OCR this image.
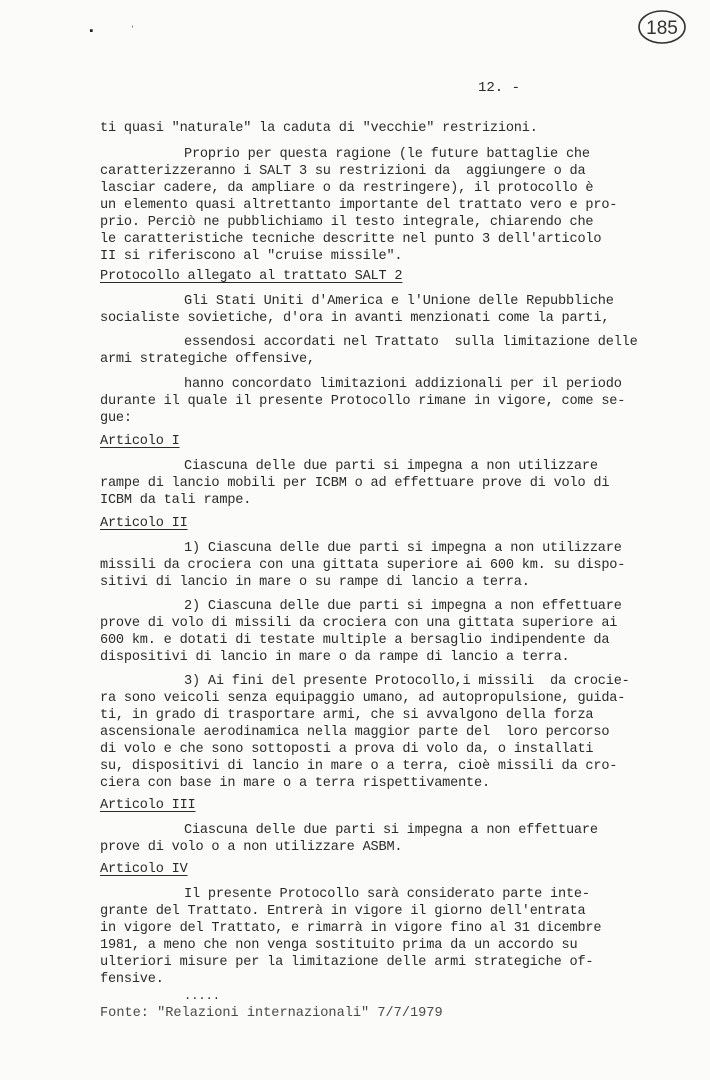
185
▪ ˈ
12. -
ti quasi "naturale" la caduta di "vecchie" restrizioni.
Proprio per questa ragione (le future battaglie che
caratterizzeranno i SALT 3 su restrizioni da  aggiungere o da
lasciar cadere, da ampliare o da restringere), il protocollo è
un elemento quasi altrettanto importante del trattato vero e pro-
prio. Perciò ne pubblichiamo il testo integrale, chiarendo che
le caratteristiche tecniche descritte nel punto 3 dell'articolo
II si riferiscono al "cruise missile".
Protocollo allegato al trattato SALT 2
Gli Stati Uniti d'America e l'Unione delle Repubbliche
socialiste sovietiche, d'ora in avanti menzionati come la parti,
essendosi accordati nel Trattato  sulla limitazione delle
armi strategiche offensive,
hanno concordato limitazioni addizionali per il periodo
durante il quale il presente Protocollo rimane in vigore, come se-
gue:
Articolo I
Ciascuna delle due parti si impegna a non utilizzare
rampe di lancio mobili per ICBM o ad effettuare prove di volo di
ICBM da tali rampe.
Articolo II
1) Ciascuna delle due parti si impegna a non utilizzare
missili da crociera con una gittata superiore ai 600 km. su dispo-
sitivi di lancio in mare o su rampe di lancio a terra.
2) Ciascuna delle due parti si impegna a non effettuare
prove di volo di missili da crociera con una gittata superiore ai
600 km. e dotati di testate multiple a bersaglio indipendente da
dispositivi di lancio in mare o da rampe di lancio a terra.
3) Ai fini del presente Protocollo,i missili  da crocie-
ra sono veicoli senza equipaggio umano, ad autopropulsione, guida-
ti, in grado di trasportare armi, che si avvalgono della forza
ascensionale aerodinamica nella maggior parte del  loro percorso
di volo e che sono sottoposti a prova di volo da, o installati
su, dispositivi di lancio in mare o a terra, cioè missili da cro-
ciera con base in mare o a terra rispettivamente.
Articolo III
Ciascuna delle due parti si impegna a non effettuare
prove di volo o a non utilizzare ASBM.
Articolo IV
Il presente Protocollo sarà considerato parte inte-
grante del Trattato. Entrerà in vigore il giorno dell'entrata
in vigore del Trattato, e rimarrà in vigore fino al 31 dicembre
1981, a meno che non venga sostituito prima da un accordo su
ulteriori misure per la limitazione delle armi strategiche of-
fensive.
.....
Fonte: "Relazioni internazionali" 7/7/1979
